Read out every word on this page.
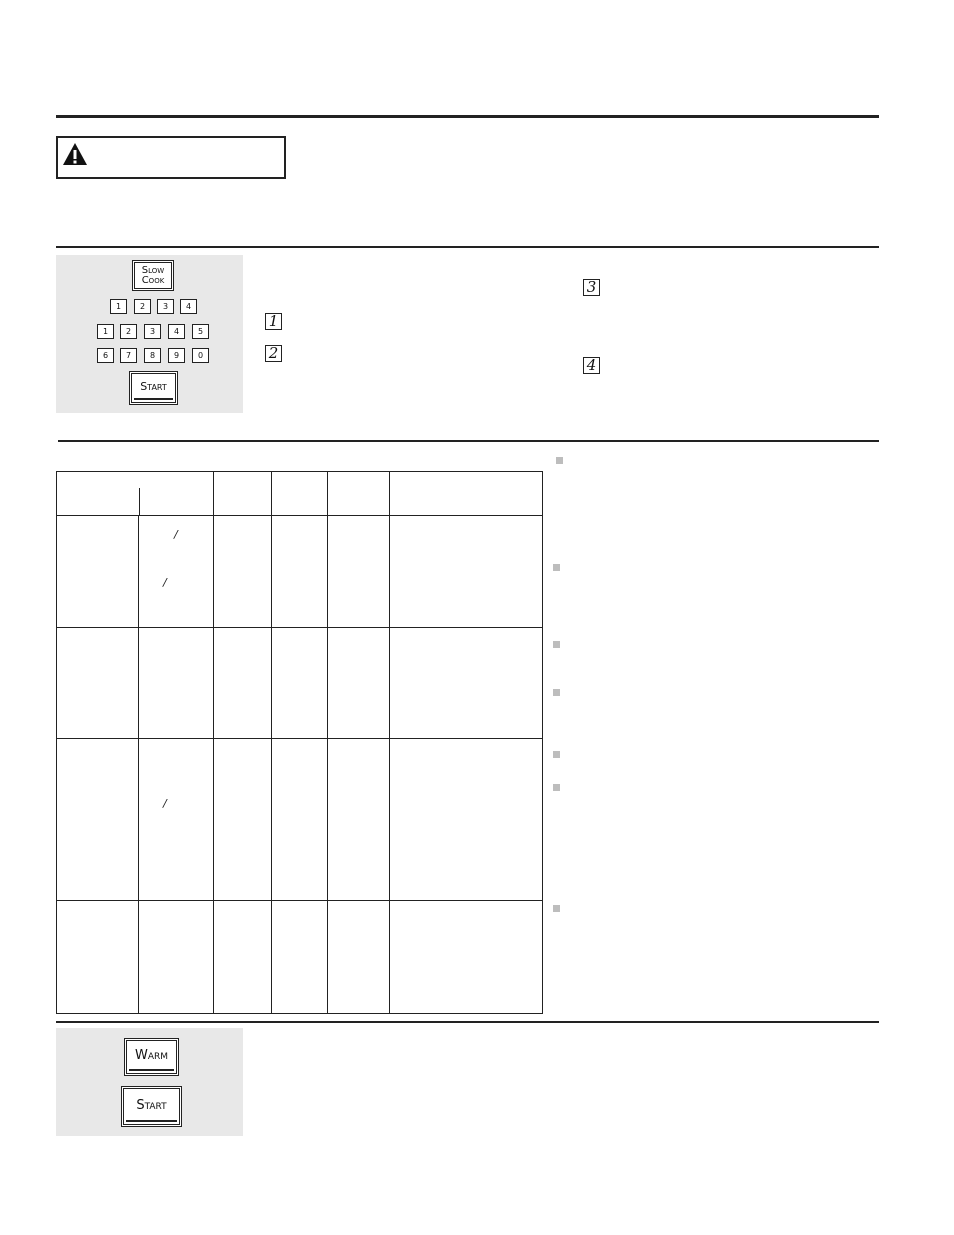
Slow
Cook
1	2	3	4
1	2	3	4	5
6	7	8	9	0
Start
1
2
3
4

	/
/				

	/				

Warm
Start
